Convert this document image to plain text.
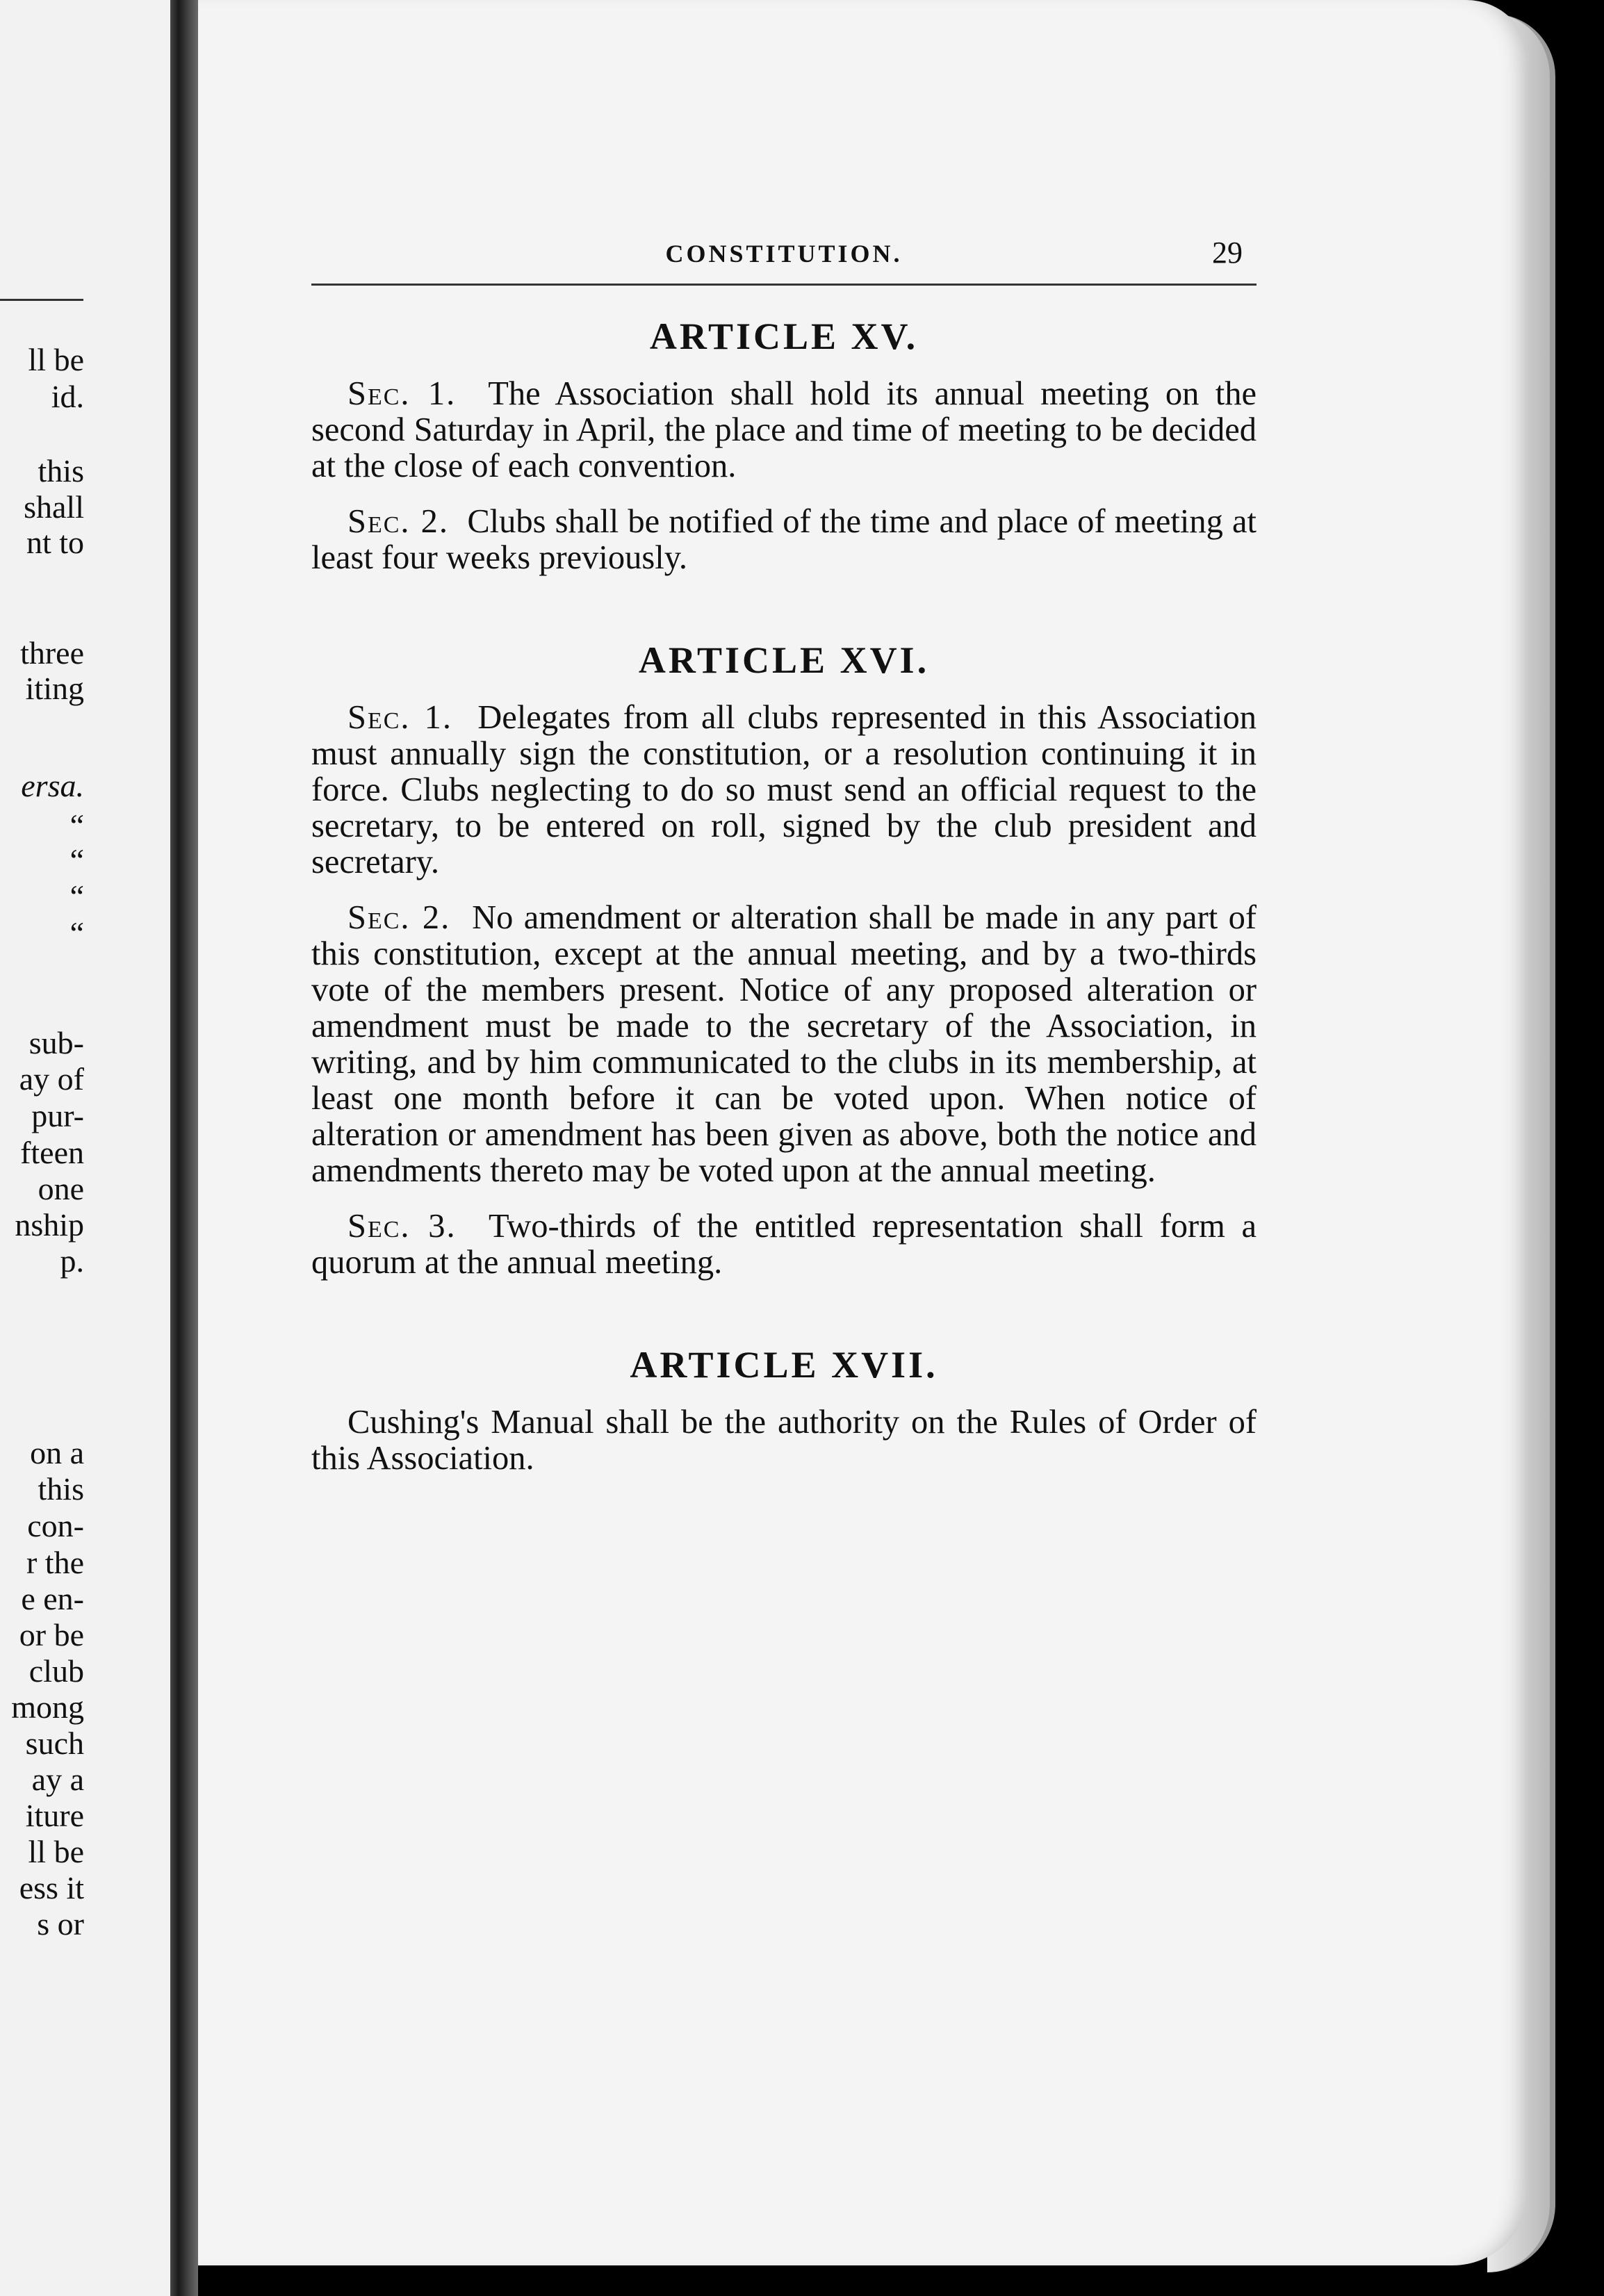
ll be
id.
this
shall
nt to
three
iting
ersa.
“
“
“
“
sub-
ay of
pur-
fteen
one
nship
p.
on a
this
con-
r the
e en-
or be
club
mong
such
ay a
iture
ll be
ess it
s or
CONSTITUTION.	29
ARTICLE XV.

Sec. 1. The Association shall hold its annual meeting on the second Saturday in April, the place and time of meeting to be decided at the close of each convention.

Sec. 2. Clubs shall be notified of the time and place of meeting at least four weeks previously.

ARTICLE XVI.

Sec. 1. Delegates from all clubs represented in this Association must annually sign the constitution, or a resolution continuing it in force. Clubs neglecting to do so must send an official request to the secretary, to be entered on roll, signed by the club president and secretary.

Sec. 2. No amendment or alteration shall be made in any part of this constitution, except at the annual meeting, and by a two-thirds vote of the members present. Notice of any proposed alteration or amendment must be made to the secretary of the Association, in writing, and by him communicated to the clubs in its membership, at least one month before it can be voted upon. When notice of alteration or amendment has been given as above, both the notice and amendments thereto may be voted upon at the annual meeting.

Sec. 3. Two-thirds of the entitled representation shall form a quorum at the annual meeting.

ARTICLE XVII.

Cushing's Manual shall be the authority on the Rules of Order of this Association.
